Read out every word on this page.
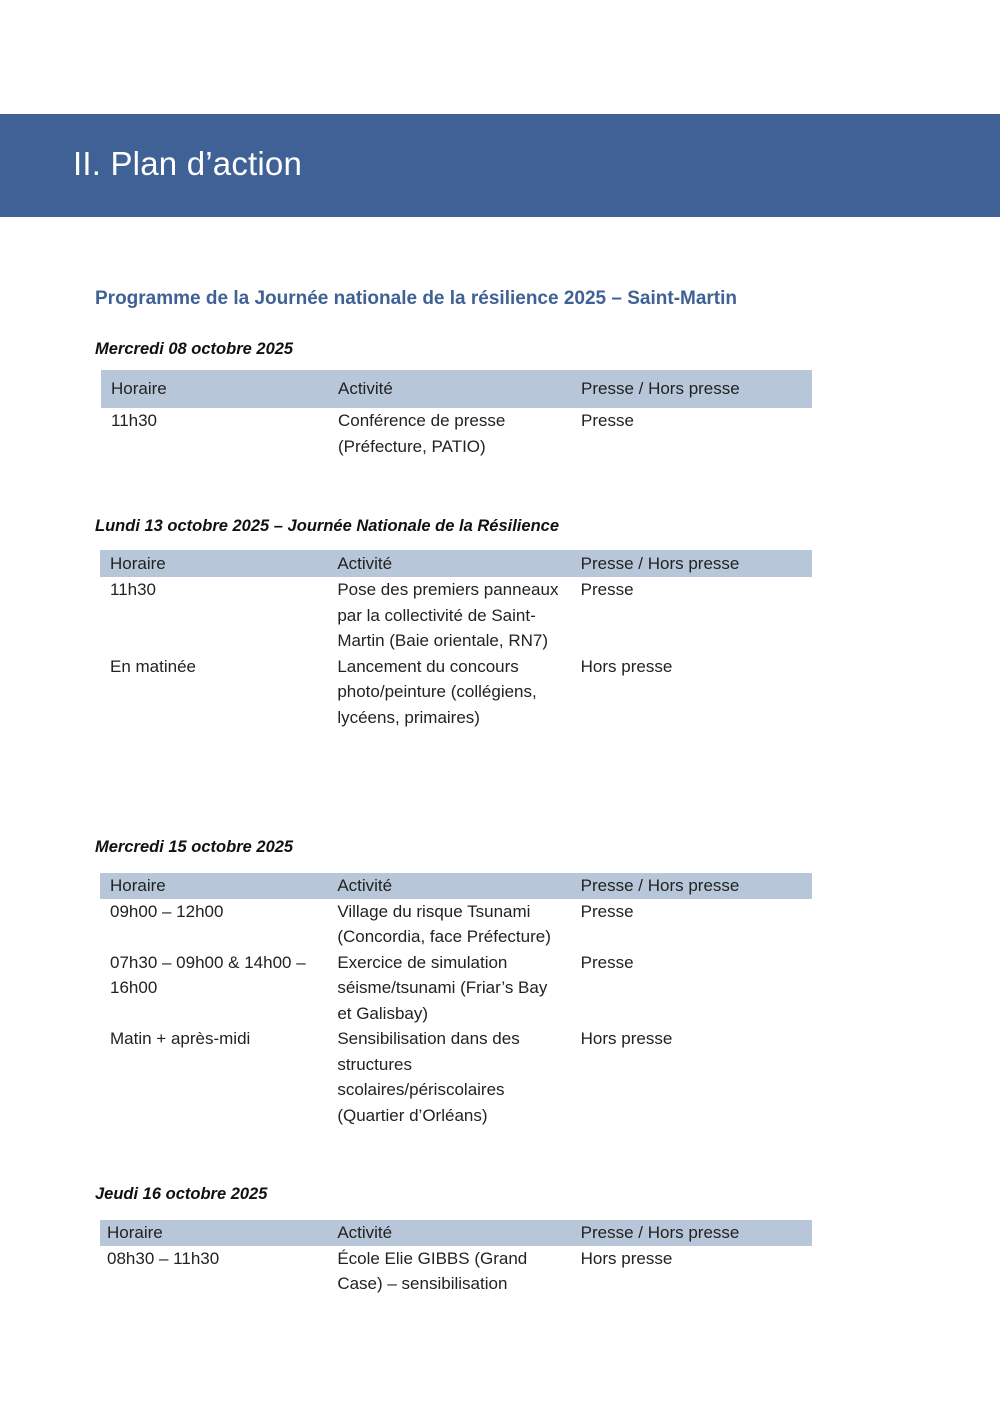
II. Plan d’action
Programme de la Journée nationale de la résilience 2025 – Saint-Martin
Mercredi 08 octobre 2025
Horaire	Activité	Presse / Hors presse
11h30	Conférence de presse (Préfecture, PATIO)	Presse
Lundi 13 octobre 2025 – Journée Nationale de la Résilience
Horaire	Activité	Presse / Hors presse
11h30	Pose des premiers panneaux par la collectivité de Saint-Martin (Baie orientale, RN7)	Presse
En matinée	Lancement du concours photo/peinture (collégiens, lycéens, primaires)	Hors presse
Mercredi 15 octobre 2025
Horaire	Activité	Presse / Hors presse
09h00 – 12h00	Village du risque Tsunami (Concordia, face Préfecture)	Presse
07h30 – 09h00 & 14h00 – 16h00	Exercice de simulation séisme/tsunami (Friar’s Bay et Galisbay)	Presse
Matin + après-midi	Sensibilisation dans des structures scolaires/périscolaires (Quartier d’Orléans)	Hors presse
Jeudi 16 octobre 2025
Horaire	Activité	Presse / Hors presse
08h30 – 11h30	École Elie GIBBS (Grand Case) – sensibilisation	Hors presse
